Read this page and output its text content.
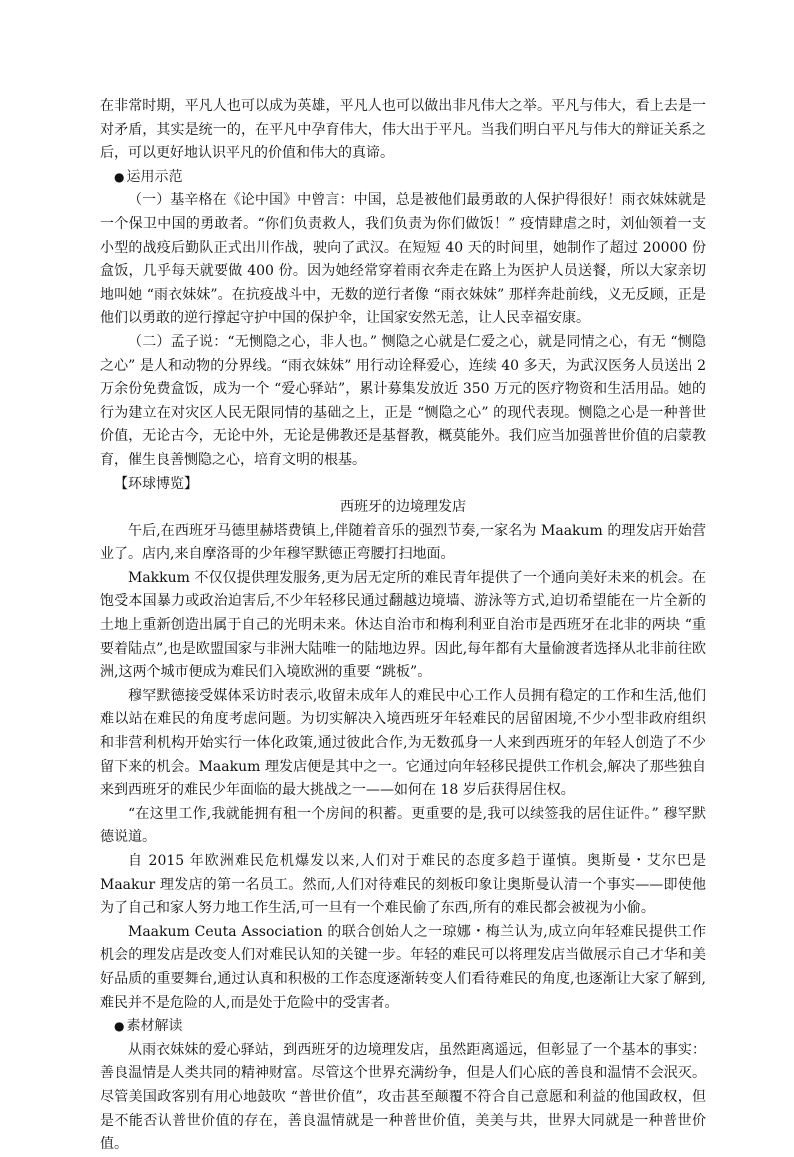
在非常时期，平凡人也可以成为英雄，平凡人也可以做出非凡伟大之举。平凡与伟大，看上去是一对矛盾，其实是统一的，在平凡中孕育伟大，伟大出于平凡。当我们明白平凡与伟大的辩证关系之后，可以更好地认识平凡的价值和伟大的真谛。

● 运用示范

（一）基辛格在《论中国》中曾言：中国，总是被他们最勇敢的人保护得很好！雨衣妹妹就是一个保卫中国的勇敢者。“你们负责救人，我们负责为你们做饭！” 疫情肆虐之时，刘仙领着一支小型的战疫后勤队正式出川作战，驶向了武汉。在短短 40 天的时间里，她制作了超过 20000 份盒饭，几乎每天就要做 400 份。因为她经常穿着雨衣奔走在路上为医护人员送餐，所以大家亲切地叫她 “雨衣妹妹”。在抗疫战斗中，无数的逆行者像 “雨衣妹妹” 那样奔赴前线，义无反顾，正是他们以勇敢的逆行撑起守护中国的保护伞，让国家安然无恙，让人民幸福安康。

（二）孟子说：“无恻隐之心，非人也。” 恻隐之心就是仁爱之心，就是同情之心，有无 “恻隐之心” 是人和动物的分界线。“雨衣妹妹” 用行动诠释爱心，连续 40 多天，为武汉医务人员送出 2 万余份免费盒饭，成为一个 “爱心驿站”，累计募集发放近 350 万元的医疗物资和生活用品。她的行为建立在对灾区人民无限同情的基础之上，正是 “恻隐之心” 的现代表现。恻隐之心是一种普世价值，无论古今，无论中外，无论是佛教还是基督教，概莫能外。我们应当加强普世价值的启蒙教育，催生良善恻隐之心，培育文明的根基。

【环球博览】

西班牙的边境理发店

午后,在西班牙马德里赫塔费镇上,伴随着音乐的强烈节奏,一家名为 Maakum 的理发店开始营业了。店内,来自摩洛哥的少年穆罕默德正弯腰打扫地面。

Makkum 不仅仅提供理发服务,更为居无定所的难民青年提供了一个通向美好未来的机会。在饱受本国暴力或政治迫害后,不少年轻移民通过翻越边境墙、游泳等方式,迫切希望能在一片全新的土地上重新创造出属于自己的光明未来。休达自治市和梅利利亚自治市是西班牙在北非的两块 “重要着陆点”,也是欧盟国家与非洲大陆唯一的陆地边界。因此,每年都有大量偷渡者选择从北非前往欧洲,这两个城市便成为难民们入境欧洲的重要 “跳板”。

穆罕默德接受媒体采访时表示,收留未成年人的难民中心工作人员拥有稳定的工作和生活,他们难以站在难民的角度考虑问题。为切实解决入境西班牙年轻难民的居留困境,不少小型非政府组织和非营利机构开始实行一体化政策,通过彼此合作,为无数孤身一人来到西班牙的年轻人创造了不少留下来的机会。Maakum 理发店便是其中之一。它通过向年轻移民提供工作机会,解决了那些独自来到西班牙的难民少年面临的最大挑战之一——如何在 18 岁后获得居住权。

“在这里工作,我就能拥有租一个房间的积蓄。更重要的是,我可以续签我的居住证件。” 穆罕默德说道。

自 2015 年欧洲难民危机爆发以来,人们对于难民的态度多趋于谨慎。奥斯曼・艾尔巴是 Maakur 理发店的第一名员工。然而,人们对待难民的刻板印象让奥斯曼认清一个事实——即使他为了自己和家人努力地工作生活,可一旦有一个难民偷了东西,所有的难民都会被视为小偷。

Maakum Ceuta Association 的联合创始人之一琼娜・梅兰认为,成立向年轻难民提供工作机会的理发店是改变人们对难民认知的关键一步。年轻的难民可以将理发店当做展示自己才华和美好品质的重要舞台,通过认真和积极的工作态度逐渐转变人们看待难民的角度,也逐渐让大家了解到,难民并不是危险的人,而是处于危险中的受害者。

● 素材解读

从雨衣妹妹的爱心驿站，到西班牙的边境理发店，虽然距离遥远，但彰显了一个基本的事实：善良温情是人类共同的精神财富。尽管这个世界充满纷争，但是人们心底的善良和温情不会泯灭。尽管美国政客别有用心地鼓吹 “普世价值”，攻击甚至颠覆不符合自己意愿和利益的他国政权，但是不能否认普世价值的存在，善良温情就是一种普世价值，美美与共，世界大同就是一种普世价值。
